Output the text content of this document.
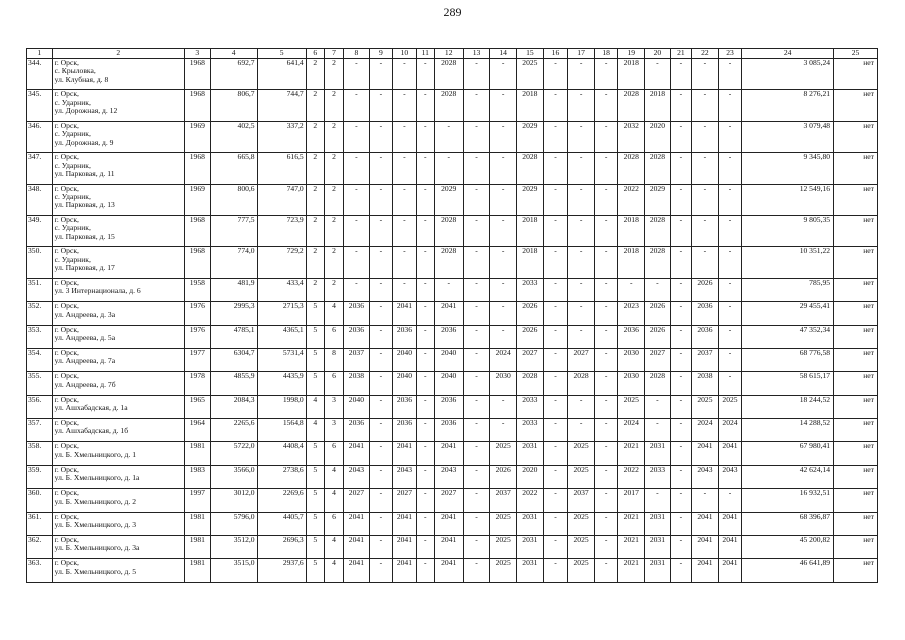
289
1	2	3	4	5	6	7	8	9	10	11	12	13	14	15	16	17	18	19	20	21	22	23	24	25
344.	г. Орск,
с. Крыловка,
ул. Клубная, д. 8	1968	692,7	641,4	2	2	-	-	-	-	2028	-	-	2025	-	-	-	2018	-	-	-	-	3 085,24	нет
345.	г. Орск,
с. Ударник,
ул. Дорожная, д. 12	1968	806,7	744,7	2	2	-	-	-	-	2028	-	-	2018	-	-	-	2028	2018	-	-	-	8 276,21	нет
346.	г. Орск,
с. Ударник,
ул. Дорожная, д. 9	1969	402,5	337,2	2	2	-	-	-	-	-	-	-	2029	-	-	-	2032	2020	-	-	-	3 079,48	нет
347.	г. Орск,
с. Ударник,
ул. Парковая, д. 11	1968	665,8	616,5	2	2	-	-	-	-	-	-	-	2028	-	-	-	2028	2028	-	-	-	9 345,80	нет
348.	г. Орск,
с. Ударник,
ул. Парковая, д. 13	1969	800,6	747,0	2	2	-	-	-	-	2029	-	-	2029	-	-	-	2022	2029	-	-	-	12 549,16	нет
349.	г. Орск,
с. Ударник,
ул. Парковая, д. 15	1968	777,5	723,9	2	2	-	-	-	-	2028	-	-	2018	-	-	-	2018	2028	-	-	-	9 805,35	нет
350.	г. Орск,
с. Ударник,
ул. Парковая, д. 17	1968	774,0	729,2	2	2	-	-	-	-	2028	-	-	2018	-	-	-	2018	2028	-	-	-	10 351,22	нет
351.	г. Орск,
ул. 3 Интернационала, д. 6	1958	481,9	433,4	2	2	-	-	-	-	-	-	-	2033	-	-	-	-	-	-	2026	-	785,95	нет
352.	г. Орск,
ул. Андреева, д. 3а	1976	2995,3	2715,3	5	4	2036	-	2041	-	2041	-	-	2026	-	-	-	2023	2026	-	2036	-	29 455,41	нет
353.	г. Орск,
ул. Андреева, д. 5а	1976	4785,1	4365,1	5	6	2036	-	2036	-	2036	-	-	2026	-	-	-	2036	2026	-	2036	-	47 352,34	нет
354.	г. Орск,
ул. Андреева, д. 7а	1977	6304,7	5731,4	5	8	2037	-	2040	-	2040	-	2024	2027	-	2027	-	2030	2027	-	2037	-	68 776,58	нет
355.	г. Орск,
ул. Андреева, д. 7б	1978	4855,9	4435,9	5	6	2038	-	2040	-	2040	-	2030	2028	-	2028	-	2030	2028	-	2038	-	58 615,17	нет
356.	г. Орск,
ул. Ашхабадская, д. 1а	1965	2084,3	1998,0	4	3	2040	-	2036	-	2036	-	-	2033	-	-	-	2025	-	-	2025	2025	18 244,52	нет
357.	г. Орск,
ул. Ашхабадская, д. 1б	1964	2265,6	1564,8	4	3	2036	-	2036	-	2036	-	-	2033	-	-	-	2024	-	-	2024	2024	14 288,52	нет
358.	г. Орск,
ул. Б. Хмельницкого, д. 1	1981	5722,0	4408,4	5	6	2041	-	2041	-	2041	-	2025	2031	-	2025	-	2021	2031	-	2041	2041	67 980,41	нет
359.	г. Орск,
ул. Б. Хмельницкого, д. 1а	1983	3566,0	2738,6	5	4	2043	-	2043	-	2043	-	2026	2020	-	2025	-	2022	2033	-	2043	2043	42 624,14	нет
360.	г. Орск,
ул. Б. Хмельницкого, д. 2	1997	3012,0	2269,6	5	4	2027	-	2027	-	2027	-	2037	2022	-	2037	-	2017	-	-	-	-	16 932,51	нет
361.	г. Орск,
ул. Б. Хмельницкого, д. 3	1981	5796,0	4405,7	5	6	2041	-	2041	-	2041	-	2025	2031	-	2025	-	2021	2031	-	2041	2041	68 396,87	нет
362.	г. Орск,
ул. Б. Хмельницкого, д. 3а	1981	3512,0	2696,3	5	4	2041	-	2041	-	2041	-	2025	2031	-	2025	-	2021	2031	-	2041	2041	45 200,82	нет
363.	г. Орск,
ул. Б. Хмельницкого, д. 5	1981	3515,0	2937,6	5	4	2041	-	2041	-	2041	-	2025	2031	-	2025	-	2021	2031	-	2041	2041	46 641,89	нет
